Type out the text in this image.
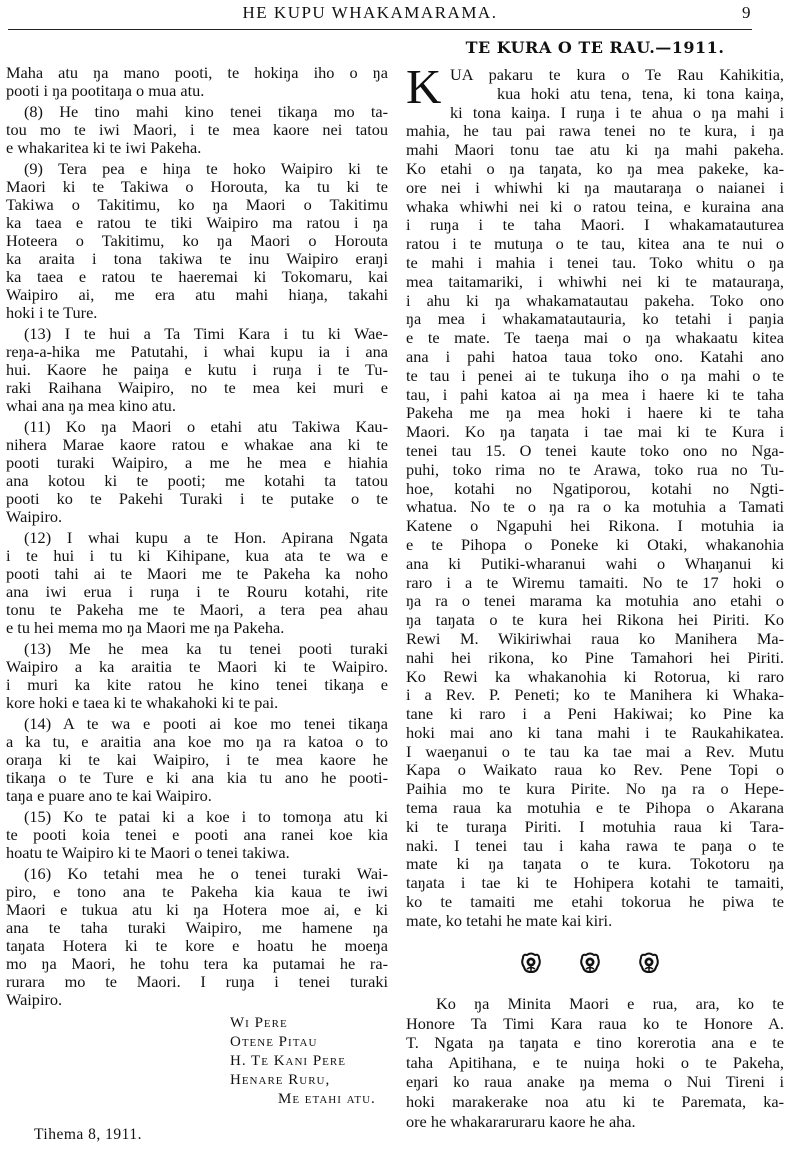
HE KUPU WHAKAMARAMA.	9
Maha atu ŋa mano pooti, te hokiŋa iho o ŋa
pooti i ŋa pootitaŋa o mua atu.
(8) He tino mahi kino tenei tikaŋa mo ta-
tou mo te iwi Maori, i te mea kaore nei tatou
e whakaritea ki te iwi Pakeha.
(9) Tera pea e hiŋa te hoko Waipiro ki te
Maori ki te Takiwa o Horouta, ka tu ki te
Takiwa o Takitimu, ko ŋa Maori o Takitimu
ka taea e ratou te tiki Waipiro ma ratou i ŋa
Hoteera o Takitimu, ko ŋa Maori o Horouta
ka araita i tona takiwa te inu Waipiro eraŋi
ka taea e ratou te haeremai ki Tokomaru, kai
Waipiro ai, me era atu mahi hiaŋa, takahi
hoki i te Ture.
(13) I te hui a Ta Timi Kara i tu ki Wae-
reŋa-a-hika me Patutahi, i whai kupu ia i ana
hui. Kaore he paiŋa e kutu i ruŋa i te Tu-
raki Raihana Waipiro, no te mea kei muri e
whai ana ŋa mea kino atu.
(11) Ko ŋa Maori o etahi atu Takiwa Kau-
nihera Marae kaore ratou e whakae ana ki te
pooti turaki Waipiro, a me he mea e hiahia
ana kotou ki te pooti; me kotahi ta tatou
pooti ko te Pakehi Turaki i te putake o te
Waipiro.
(12) I whai kupu a te Hon. Apirana Ngata
i te hui i tu ki Kihipane, kua ata te wa e
pooti tahi ai te Maori me te Pakeha ka noho
ana iwi erua i ruŋa i te Rouru kotahi, rite
tonu te Pakeha me te Maori, a tera pea ahau
e tu hei mema mo ŋa Maori me ŋa Pakeha.
(13) Me he mea ka tu tenei pooti turaki
Waipiro a ka araitia te Maori ki te Waipiro.
i muri ka kite ratou he kino tenei tikaŋa e
kore hoki e taea ki te whakahoki ki te pai.
(14) A te wa e pooti ai koe mo tenei tikaŋa
a ka tu, e araitia ana koe mo ŋa ra katoa o to
oraŋa ki te kai Waipiro, i te mea kaore he
tikaŋa o te Ture e ki ana kia tu ano he pooti-
taŋa e puare ano te kai Waipiro.
(15) Ko te patai ki a koe i to tomoŋa atu ki
te pooti koia tenei e pooti ana ranei koe kia
hoatu te Waipiro ki te Maori o tenei takiwa.
(16) Ko tetahi mea he o tenei turaki Wai-
piro, e tono ana te Pakeha kia kaua te iwi
Maori e tukua atu ki ŋa Hotera moe ai, e ki
ana te taha turaki Waipiro, me hamene ŋa
taŋata Hotera ki te kore e hoatu he moeŋa
mo ŋa Maori, he tohu tera ka putamai he ra-
rurara mo te Maori. I ruŋa i tenei turaki
Waipiro.
TE KURA O TE RAU.—1911.
K UA pakaru te kura o Te Rau Kahikitia,
kua hoki atu tena, tena, ki tona kaiŋa,
ki tona kaiŋa. I ruŋa i te ahua o ŋa mahi i
mahia, he tau pai rawa tenei no te kura, i ŋa
mahi Maori tonu tae atu ki ŋa mahi pakeha.
Ko etahi o ŋa taŋata, ko ŋa mea pakeke, ka-
ore nei i whiwhi ki ŋa mautaraŋa o naianei i
whaka whiwhi nei ki o ratou teina, e kuraina ana
i ruŋa i te taha Maori. I whakamatauturea
ratou i te mutuŋa o te tau, kitea ana te nui o
te mahi i mahia i tenei tau. Toko whitu o ŋa
mea taitamariki, i whiwhi nei ki te matauraŋa,
i ahu ki ŋa whakamatautau pakeha. Toko ono
ŋa mea i whakamatautauria, ko tetahi i paŋia
e te mate. Te taeŋa mai o ŋa whakaatu kitea
ana i pahi hatoa taua toko ono. Katahi ano
te tau i penei ai te tukuŋa iho o ŋa mahi o te
tau, i pahi katoa ai ŋa mea i haere ki te taha
Pakeha me ŋa mea hoki i haere ki te taha
Maori. Ko ŋa taŋata i tae mai ki te Kura i
tenei tau 15. O tenei kaute toko ono no Nga-
puhi, toko rima no te Arawa, toko rua no Tu-
hoe, kotahi no Ngatiporou, kotahi no Ngti-
whatua. No te o ŋa ra o ka motuhia a Tamati
Katene o Ngapuhi hei Rikona. I motuhia ia
e te Pihopa o Poneke ki Otaki, whakanohia
ana ki Putiki-wharanui wahi o Whaŋanui ki
raro i a te Wiremu tamaiti. No te 17 hoki o
ŋa ra o tenei marama ka motuhia ano etahi o
ŋa taŋata o te kura hei Rikona hei Piriti. Ko
Rewi M. Wikiriwhai raua ko Manihera Ma-
nahi hei rikona, ko Pine Tamahori hei Piriti.
Ko Rewi ka whakanohia ki Rotorua, ki raro
i a Rev. P. Peneti; ko te Manihera ki Whaka-
tane ki raro i a Peni Hakiwai; ko Pine ka
hoki mai ano ki tana mahi i te Raukahikatea.
I waeŋanui o te tau ka tae mai a Rev. Mutu
Kapa o Waikato raua ko Rev. Pene Topi o
Paihia mo te kura Pirite. No ŋa ra o Hepe-
tema raua ka motuhia e te Pihopa o Akarana
ki te turaŋa Piriti. I motuhia raua ki Tara-
naki. I tenei tau i kaha rawa te paŋa o te
mate ki ŋa taŋata o te kura. Tokotoru ŋa
taŋata i tae ki te Hohipera kotahi te tamaiti,
ko te tamaiti me etahi tokorua he piwa te
mate, ko tetahi he mate kai kiri.
Ko ŋa Minita Maori e rua, ara, ko te
Honore Ta Timi Kara raua ko te Honore A.
T. Ngata ŋa taŋata e tino korerotia ana e te
taha Apitihana, e te nuiŋa hoki o te Pakeha,
eŋari ko raua anake ŋa mema o Nui Tireni i
hoki marakerake noa atu ki te Paremata, ka-
ore he whakararuraru kaore he aha.
Wi Pere
Otene Pitau
H. Te Kani Pere
Henare Ruru,
Me etahi atu.
Tihema 8, 1911.
